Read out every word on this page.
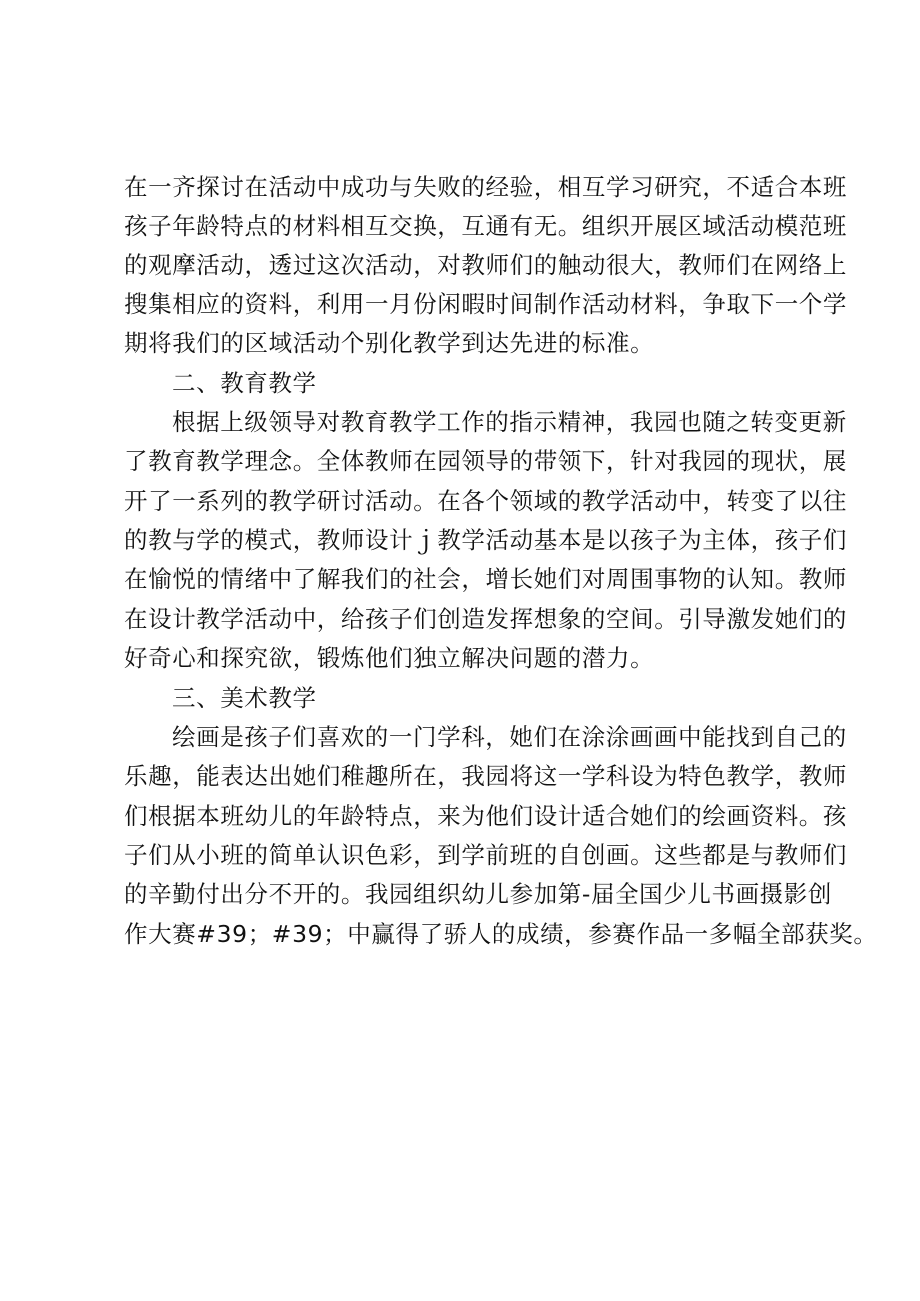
在一齐探讨在活动中成功与失败的经验，相互学习研究，不适合本班
孩子年龄特点的材料相互交换，互通有无。组织开展区域活动模范班
的观摩活动，透过这次活动，对教师们的触动很大，教师们在网络上
搜集相应的资料，利用一月份闲暇时间制作活动材料，争取下一个学
期将我们的区域活动个别化教学到达先进的标准。
二、教育教学
根据上级领导对教育教学工作的指示精神，我园也随之转变更新
了教育教学理念。全体教师在园领导的带领下，针对我园的现状，展
开了一系列的教学研讨活动。在各个领域的教学活动中，转变了以往
的教与学的模式，教师设计ｊ教学活动基本是以孩子为主体，孩子们
在愉悦的情绪中了解我们的社会，增长她们对周围事物的认知。教师
在设计教学活动中，给孩子们创造发挥想象的空间。引导激发她们的
好奇心和探究欲，锻炼他们独立解决问题的潜力。
三、美术教学
绘画是孩子们喜欢的一门学科，她们在涂涂画画中能找到自己的
乐趣，能表达出她们稚趣所在，我园将这一学科设为特色教学，教师
们根据本班幼儿的年龄特点，来为他们设计适合她们的绘画资料。孩
子们从小班的简单认识色彩，到学前班的自创画。这些都是与教师们
的辛勤付出分不开的。我园组织幼儿参加第-届全国少儿书画摄影创
作大赛#39；#39；中赢得了骄人的成绩，参赛作品一多幅全部获奖。
